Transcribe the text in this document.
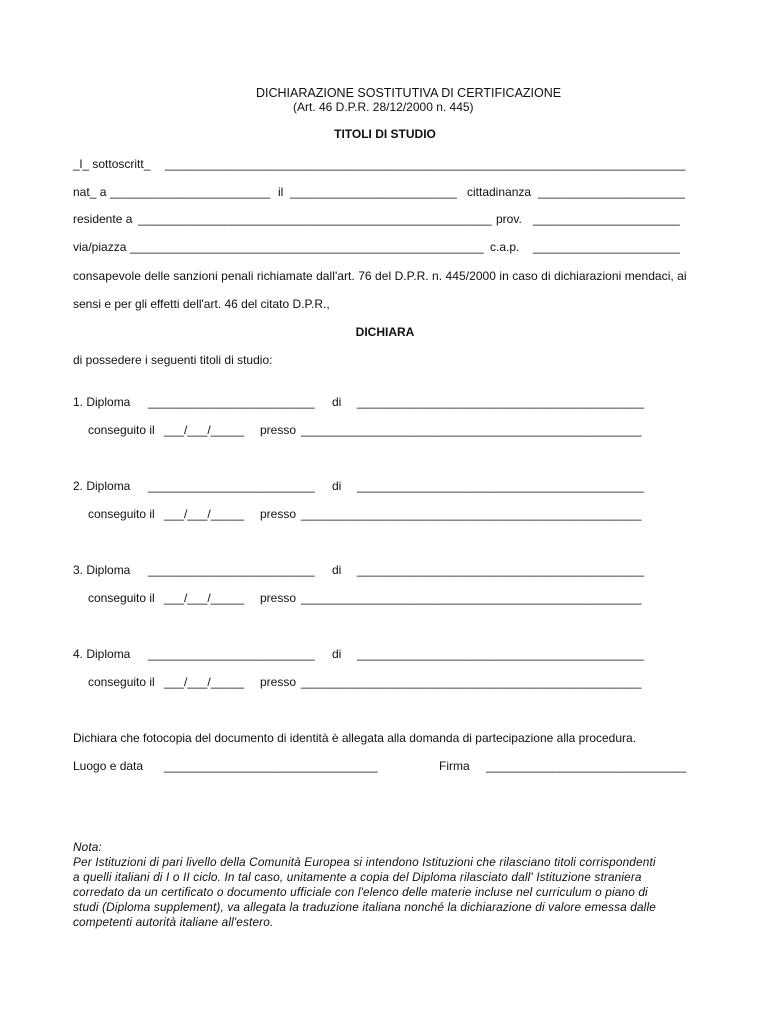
DICHIARAZIONE SOSTITUTIVA DI CERTIFICAZIONE
(Art. 46 D.P.R. 28/12/2000 n. 445)
TITOLI DI STUDIO
_l_ sottoscritt_ ______________________________________________________________________________
nat_ a ________________________ il _________________________ cittadinanza ______________________
residente a _____________________________________________________ prov. ______________________
via/piazza _____________________________________________________ c.a.p. ______________________
consapevole delle sanzioni penali richiamate dall'art. 76 del D.P.R. n. 445/2000 in caso di dichiarazioni mendaci, ai
sensi e per gli effetti dell'art. 46 del citato D.P.R.,
DICHIARA
di possedere i seguenti titoli di studio:
1. Diploma _________________________ di ___________________________________________
conseguito il ___/___/_____ presso ___________________________________________________
2. Diploma _________________________ di ___________________________________________
conseguito il ___/___/_____ presso ___________________________________________________
3. Diploma _________________________ di ___________________________________________
conseguito il ___/___/_____ presso ___________________________________________________
4. Diploma _________________________ di ___________________________________________
conseguito il ___/___/_____ presso ___________________________________________________
Dichiara che fotocopia del documento di identità è allegata alla domanda di partecipazione alla procedura.
Luogo e data ________________________________	Firma ______________________________
Nota:
Per Istituzioni di pari livello della Comunità Europea si intendono Istituzioni che rilasciano titoli corrispondenti
a quelli italiani di I o II ciclo. In tal caso, unitamente a copia del Diploma rilasciato dall' Istituzione straniera
corredato da un certificato o documento ufficiale con l'elenco delle materie incluse nel curriculum o piano di
studi (Diploma supplement), va allegata la traduzione italiana nonché la dichiarazione di valore emessa dalle
competenti autorità italiane all'estero.
